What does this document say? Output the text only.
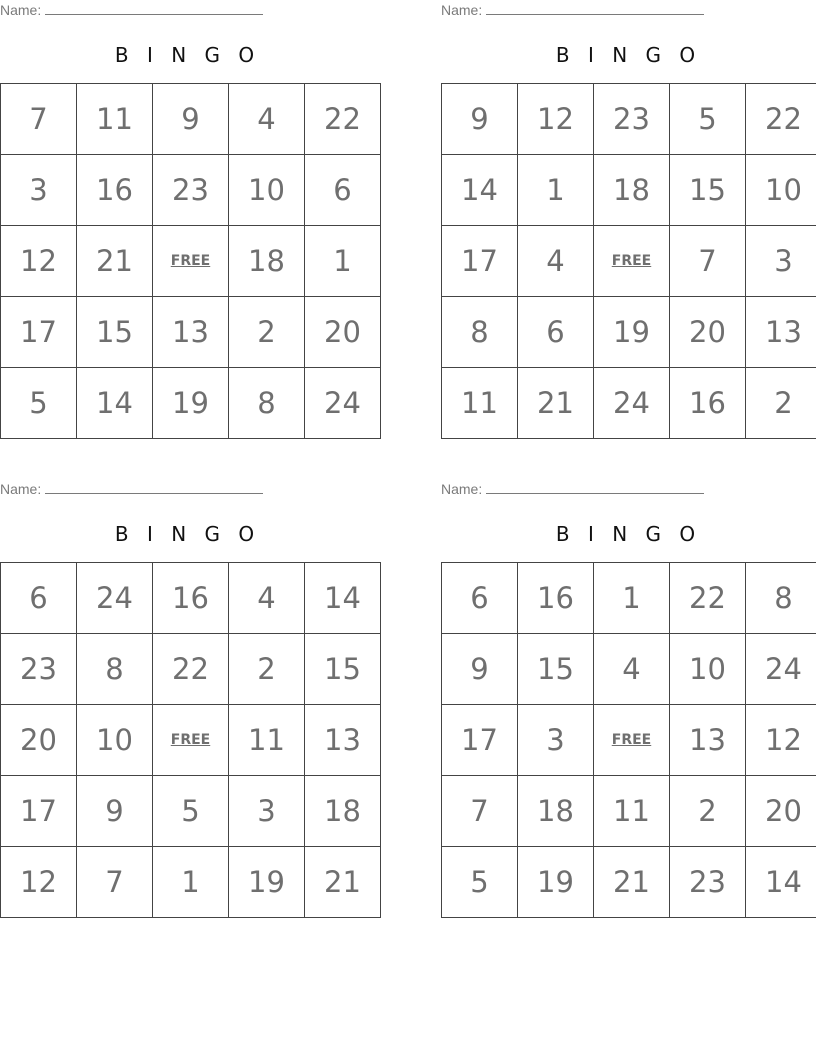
Name:
B I N G O
7	11	9	4	22
3	16	23	10	6
12	21	FREE	18	1
17	15	13	2	20
5	14	19	8	24
Name:
B I N G O
9	12	23	5	22
14	1	18	15	10
17	4	FREE	7	3
8	6	19	20	13
11	21	24	16	2
Name:
B I N G O
6	24	16	4	14
23	8	22	2	15
20	10	FREE	11	13
17	9	5	3	18
12	7	1	19	21
Name:
B I N G O
6	16	1	22	8
9	15	4	10	24
17	3	FREE	13	12
7	18	11	2	20
5	19	21	23	14
